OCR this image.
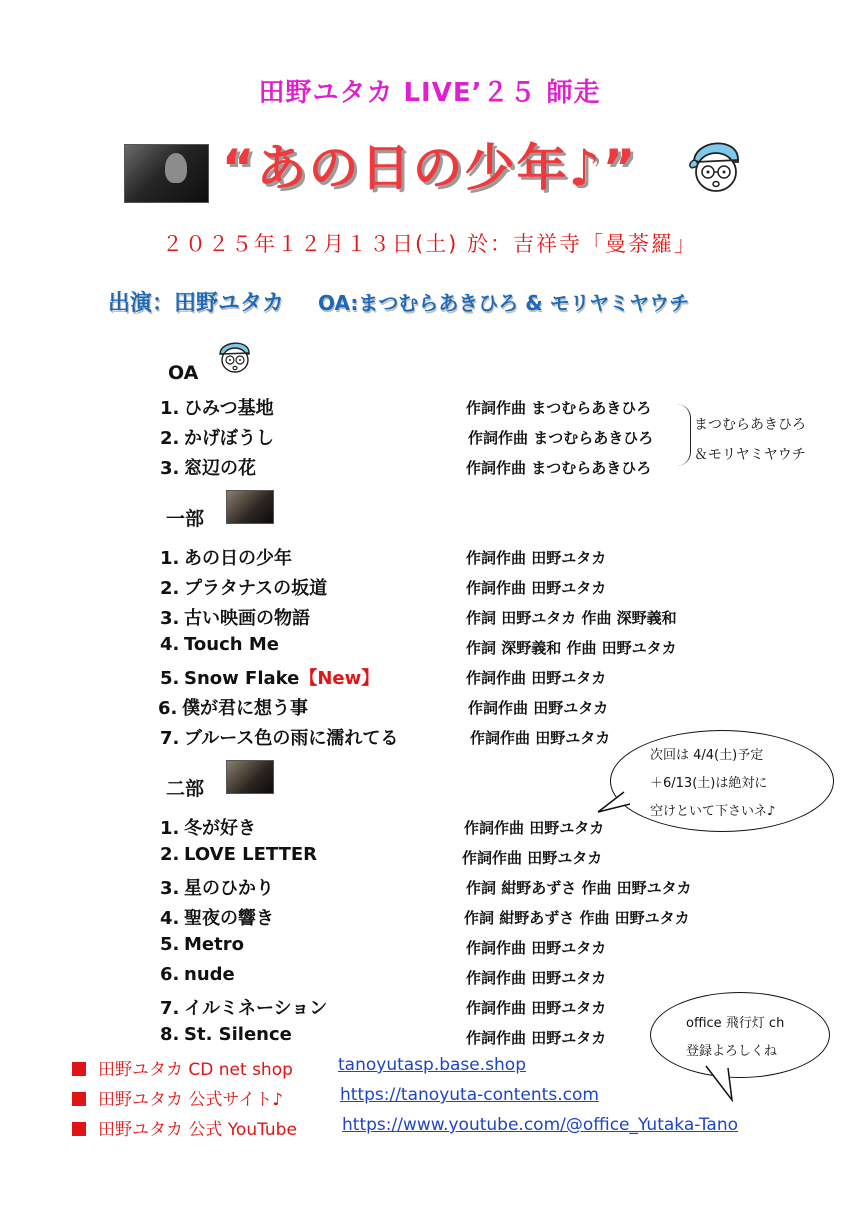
田野ユタカ LIVE’２５ 師走
“あの日の少年♪”
２０２５年１２月１３日(土) 於：吉祥寺「曼荼羅」
出演：田野ユタカ OA:まつむらあきひろ & モリヤミヤウチ
OA
1. ひみつ基地	作詞作曲 まつむらあきひろ
2. かげぼうし	作詞作曲 まつむらあきひろ
3. 窓辺の花	作詞作曲 まつむらあきひろ
まつむらあきひろ
＆モリヤミヤウチ
一部
1. あの日の少年	作詞作曲 田野ユタカ
2. プラタナスの坂道	作詞作曲 田野ユタカ
3. 古い映画の物語	作詞 田野ユタカ 作曲 深野義和
4. Touch Me	作詞 深野義和 作曲 田野ユタカ
5. Snow Flake【New】	作詞作曲 田野ユタカ
6. 僕が君に想う事	作詞作曲 田野ユタカ
7. ブルース色の雨に濡れてる	作詞作曲 田野ユタカ
次回は 4/4(土)予定
＋6/13(土)は絶対に
空けといて下さいネ♪
二部
1. 冬が好き	作詞作曲 田野ユタカ
2. LOVE LETTER	作詞作曲 田野ユタカ
3. 星のひかり	作詞 紺野あずさ 作曲 田野ユタカ
4. 聖夜の響き	作詞 紺野あずさ 作曲 田野ユタカ
5. Metro	作詞作曲 田野ユタカ
6. nude	作詞作曲 田野ユタカ
7. イルミネーション	作詞作曲 田野ユタカ
8. St. Silence	作詞作曲 田野ユタカ
office 飛行灯 ch
登録よろしくね
田野ユタカ CD net shop	tanoyutasp.base.shop
田野ユタカ 公式サイト♪	https://tanoyuta-contents.com
田野ユタカ 公式 YouTube	https://www.youtube.com/@office_Yutaka-Tano
